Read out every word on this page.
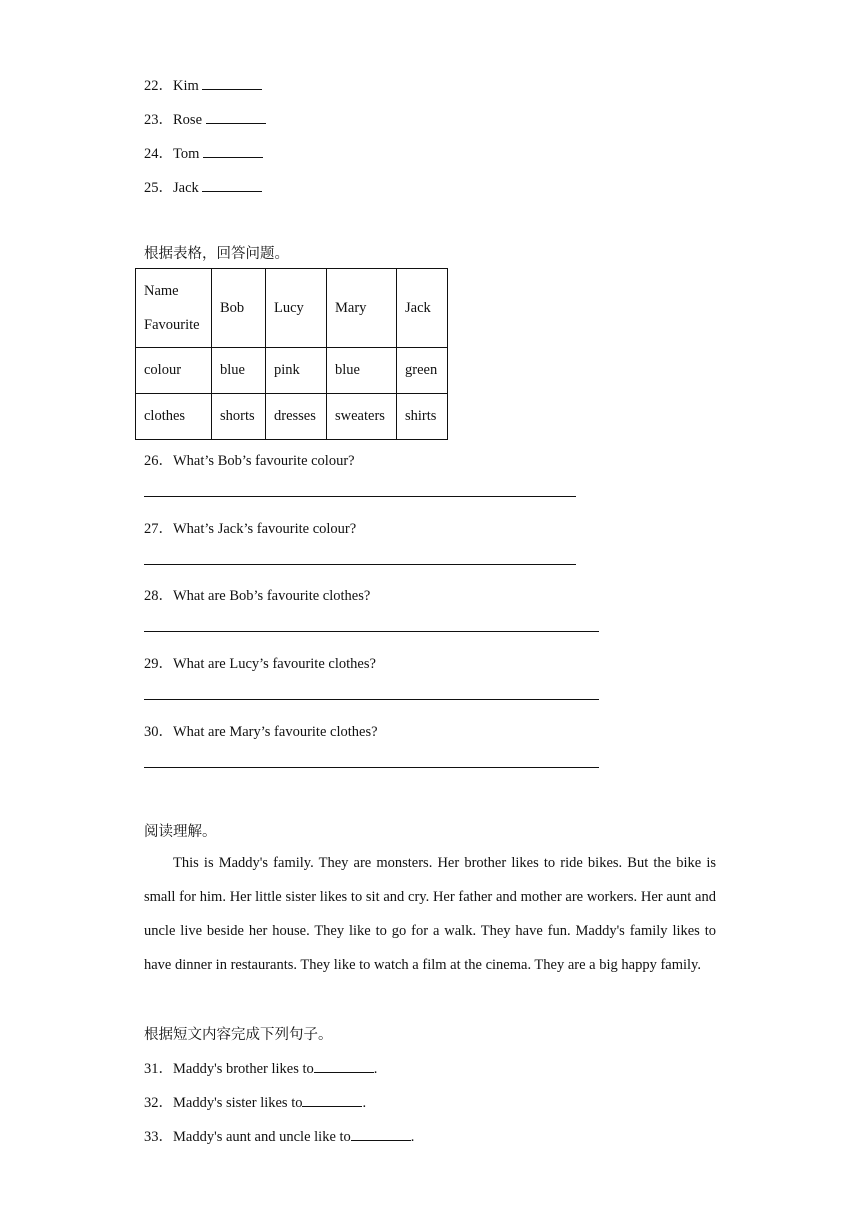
22．Kim
23．Rose
24．Tom
25．Jack
根据表格，回答问题。
Name
Favourite	Bob	Lucy	Mary	Jack
colour	blue	pink	blue	green
clothes	shorts	dresses	sweaters	shirts
26．What’s Bob’s favourite colour?
27．What’s Jack’s favourite colour?
28．What are Bob’s favourite clothes?
29．What are Lucy’s favourite clothes?
30．What are Mary’s favourite clothes?
阅读理解。

This is Maddy's family. They are monsters. Her brother likes to ride bikes. But the bike is small for him. Her little sister likes to sit and cry. Her father and mother are workers. Her aunt and uncle live beside her house. They like to go for a walk. They have fun. Maddy's family likes to have dinner in restaurants. They like to watch a film at the cinema. They are a big happy family.

根据短文内容完成下列句子。
31．Maddy's brother likes to	.
32．Maddy's sister likes to	.
33．Maddy's aunt and uncle like to	.
